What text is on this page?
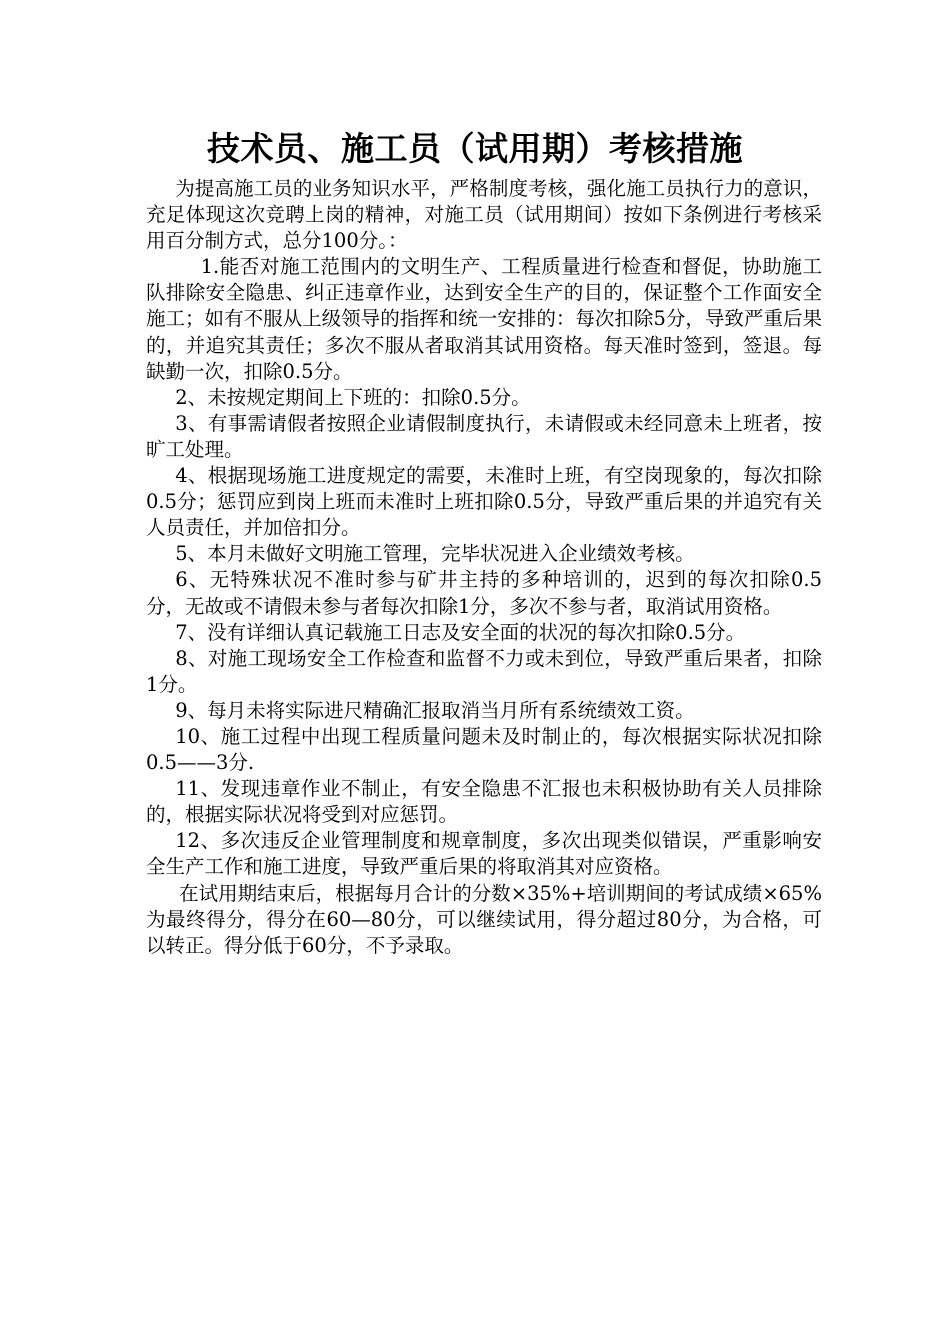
技术员、施工员（试用期）考核措施

为提高施工员的业务知识水平，严格制度考核，强化施工员执行力的意识，充足体现这次竞聘上岗的精神，对施工员（试用期间）按如下条例进行考核采用百分制方式，总分100分。：

1.能否对施工范围内的文明生产、工程质量进行检查和督促，协助施工队排除安全隐患、纠正违章作业，达到安全生产的目的，保证整个工作面安全施工；如有不服从上级领导的指挥和统一安排的：每次扣除5分，导致严重后果的，并追究其责任；多次不服从者取消其试用资格。每天准时签到，签退。每缺勤一次，扣除0.5分。

2、未按规定期间上下班的：扣除0.5分。

3、有事需请假者按照企业请假制度执行，未请假或未经同意未上班者，按旷工处理。

4、根据现场施工进度规定的需要，未准时上班，有空岗现象的，每次扣除0.5分；惩罚应到岗上班而未准时上班扣除0.5分，导致严重后果的并追究有关人员责任，并加倍扣分。

5、本月未做好文明施工管理，完毕状况进入企业绩效考核。

6、无特殊状况不准时参与矿井主持的多种培训的，迟到的每次扣除0.5分，无故或不请假未参与者每次扣除1分，多次不参与者，取消试用资格。

7、没有详细认真记载施工日志及安全面的状况的每次扣除0.5分。

8、对施工现场安全工作检查和监督不力或未到位，导致严重后果者，扣除1分。

9、每月未将实际进尺精确汇报取消当月所有系统绩效工资。

10、施工过程中出现工程质量问题未及时制止的，每次根据实际状况扣除0.5——3分.

11、发现违章作业不制止，有安全隐患不汇报也未积极协助有关人员排除的，根据实际状况将受到对应惩罚。

12、多次违反企业管理制度和规章制度，多次出现类似错误，严重影响安全生产工作和施工进度，导致严重后果的将取消其对应资格。

在试用期结束后，根据每月合计的分数×35%+培训期间的考试成绩×65%为最终得分，得分在60—80分，可以继续试用，得分超过80分，为合格，可以转正。得分低于60分，不予录取。
